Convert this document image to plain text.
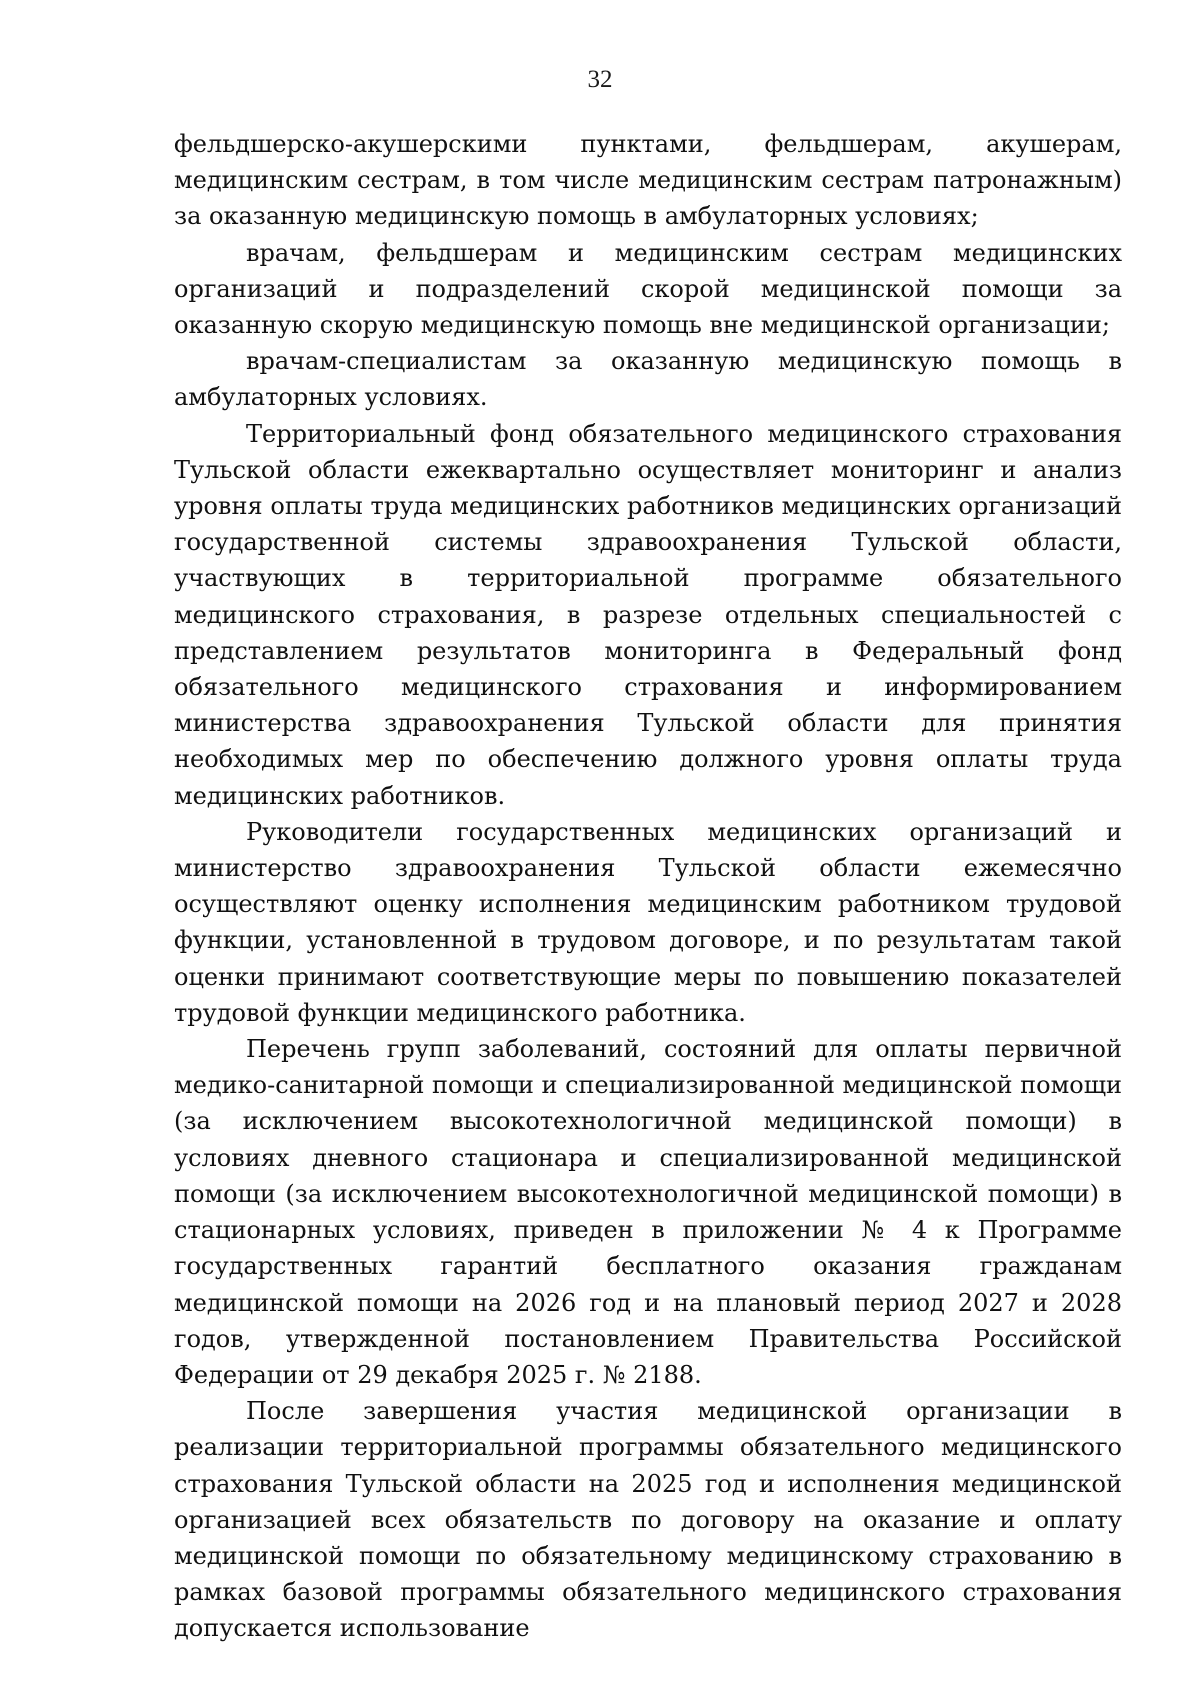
32

фельдшерско-акушерскими пунктами, фельдшерам, акушерам, медицинским сестрам, в том числе медицинским сестрам патронажным) за оказанную медицинскую помощь в амбулаторных условиях;

врачам, фельдшерам и медицинским сестрам медицинских организаций и подразделений скорой медицинской помощи за оказанную скорую медицинскую помощь вне медицинской организации;

врачам-специалистам за оказанную медицинскую помощь в амбулаторных условиях.

Территориальный фонд обязательного медицинского страхования Тульской области ежеквартально осуществляет мониторинг и анализ уровня оплаты труда медицинских работников медицинских организаций государственной системы здравоохранения Тульской области, участвующих в территориальной программе обязательного медицинского страхования, в разрезе отдельных специальностей с представлением результатов мониторинга в Федеральный фонд обязательного медицинского страхования и информированием министерства здравоохранения Тульской области для принятия необходимых мер по обеспечению должного уровня оплаты труда медицинских работников.

Руководители государственных медицинских организаций и министерство здравоохранения Тульской области ежемесячно осуществляют оценку исполнения медицинским работником трудовой функции, установленной в трудовом договоре, и по результатам такой оценки принимают соответствующие меры по повышению показателей трудовой функции медицинского работника.

Перечень групп заболеваний, состояний для оплаты первичной медико-санитарной помощи и специализированной медицинской помощи (за исключением высокотехнологичной медицинской помощи) в условиях дневного стационара и специализированной медицинской помощи (за исключением высокотехнологичной медицинской помощи) в стационарных условиях, приведен в приложении № 4 к Программе государственных гарантий бесплатного оказания гражданам медицинской помощи на 2026 год и на плановый период 2027 и 2028 годов, утвержденной постановлением Правительства Российской Федерации от 29 декабря 2025 г. № 2188.

После завершения участия медицинской организации в реализации территориальной программы обязательного медицинского страхования Тульской области на 2025 год и исполнения медицинской организацией всех обязательств по договору на оказание и оплату медицинской помощи по обязательному медицинскому страхованию в рамках базовой программы обязательного медицинского страхования допускается использование
